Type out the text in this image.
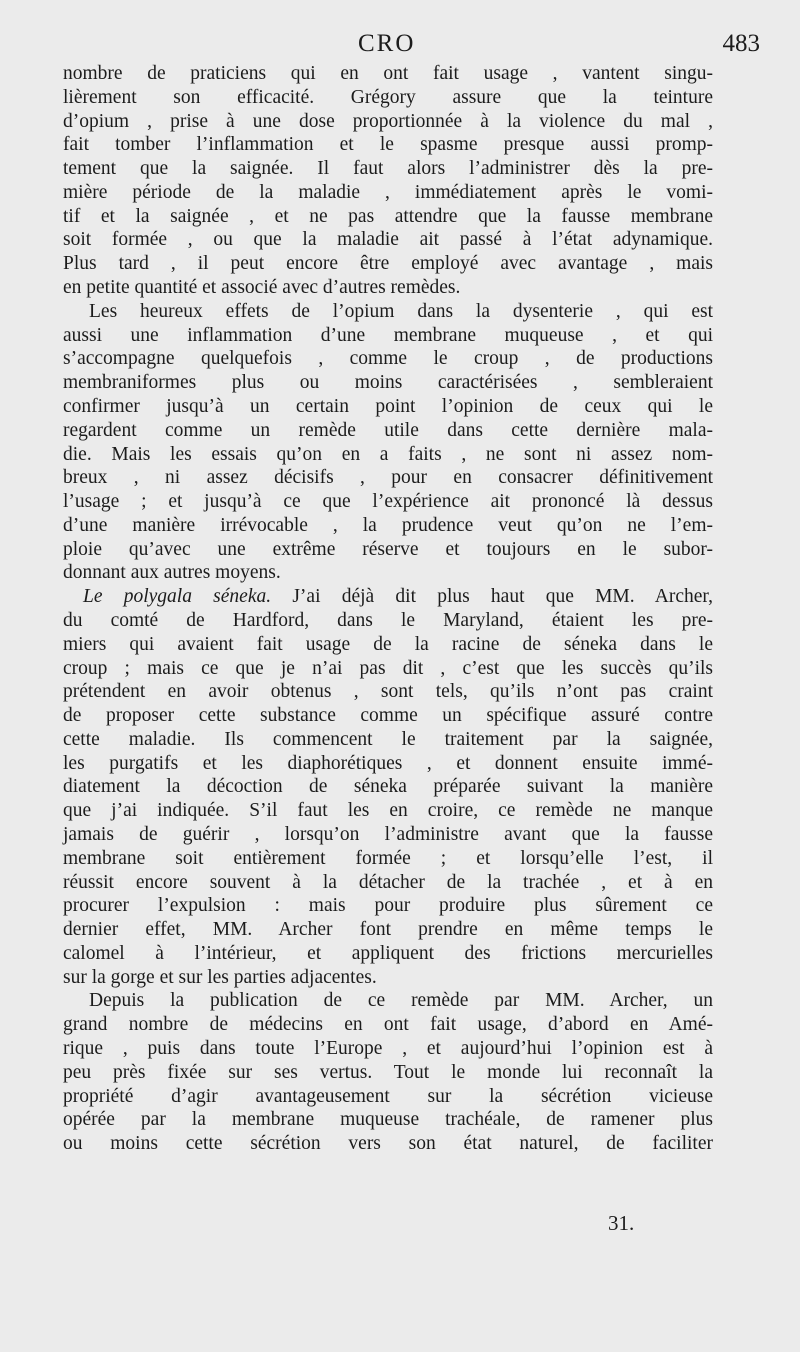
CRO	483
nombre de praticiens qui en ont fait usage , vantent singu-
lièrement son efficacité. Grégory assure que la teinture
d’opium , prise à une dose proportionnée à la violence du mal ,
fait tomber l’inflammation et le spasme presque aussi promp-
tement que la saignée. Il faut alors l’administrer dès la pre-
mière période de la maladie , immédiatement après le vomi-
tif et la saignée , et ne pas attendre que la fausse membrane
soit formée , ou que la maladie ait passé à l’état adynamique.
Plus tard , il peut encore être employé avec avantage , mais
en petite quantité et associé avec d’autres remèdes.
Les heureux effets de l’opium dans la dysenterie , qui est
aussi une inflammation d’une membrane muqueuse , et qui
s’accompagne quelquefois , comme le croup , de productions
membraniformes plus ou moins caractérisées , sembleraient
confirmer jusqu’à un certain point l’opinion de ceux qui le
regardent comme un remède utile dans cette dernière mala-
die. Mais les essais qu’on en a faits , ne sont ni assez nom-
breux , ni assez décisifs , pour en consacrer définitivement
l’usage ; et jusqu’à ce que l’expérience ait prononcé là dessus
d’une manière irrévocable , la prudence veut qu’on ne l’em-
ploie qu’avec une extrême réserve et toujours en le subor-
donnant aux autres moyens.
Le polygala séneka. J’ai déjà dit plus haut que MM. Archer,
du comté de Hardford, dans le Maryland, étaient les pre-
miers qui avaient fait usage de la racine de séneka dans le
croup ; mais ce que je n’ai pas dit , c’est que les succès qu’ils
prétendent en avoir obtenus , sont tels, qu’ils n’ont pas craint
de proposer cette substance comme un spécifique assuré contre
cette maladie. Ils commencent le traitement par la saignée,
les purgatifs et les diaphorétiques , et donnent ensuite immé-
diatement la décoction de séneka préparée suivant la manière
que j’ai indiquée. S’il faut les en croire, ce remède ne manque
jamais de guérir , lorsqu’on l’administre avant que la fausse
membrane soit entièrement formée ; et lorsqu’elle l’est, il
réussit encore souvent à la détacher de la trachée , et à en
procurer l’expulsion : mais pour produire plus sûrement ce
dernier effet, MM. Archer font prendre en même temps le
calomel à l’intérieur, et appliquent des frictions mercurielles
sur la gorge et sur les parties adjacentes.
Depuis la publication de ce remède par MM. Archer, un
grand nombre de médecins en ont fait usage, d’abord en Amé-
rique , puis dans toute l’Europe , et aujourd’hui l’opinion est à
peu près fixée sur ses vertus. Tout le monde lui reconnaît la
propriété d’agir avantageusement sur la sécrétion vicieuse
opérée par la membrane muqueuse trachéale, de ramener plus
ou moins cette sécrétion vers son état naturel, de faciliter
31.
